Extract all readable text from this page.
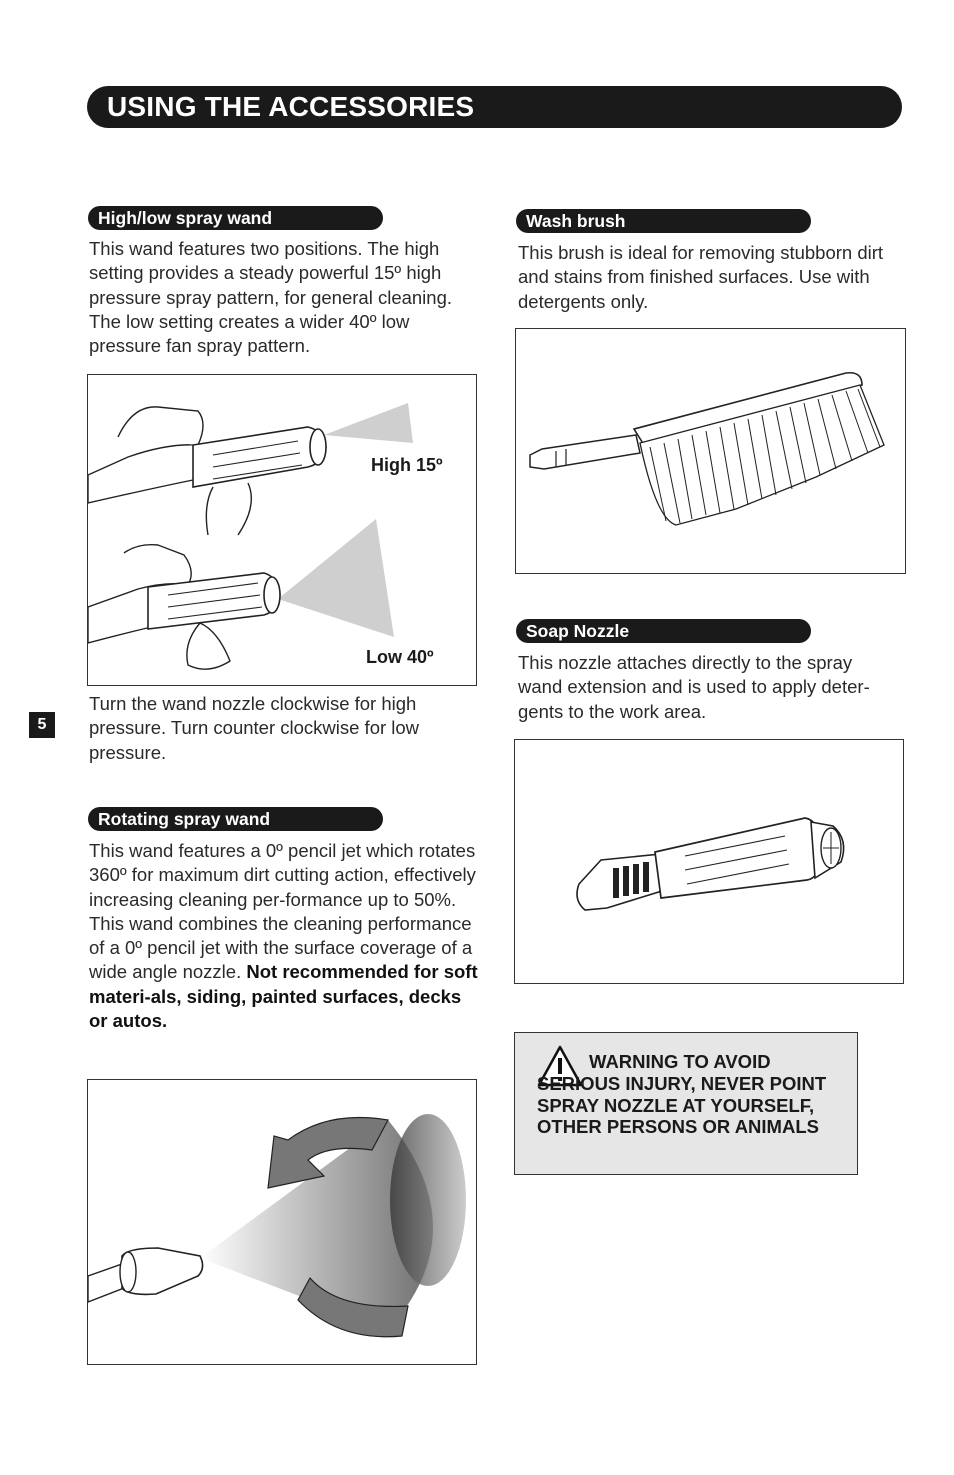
USING THE ACCESSORIES
5
High/low spray wand
This wand features two positions. The high setting provides a steady powerful 15º high pressure spray pattern, for general cleaning. The low setting creates a wider 40º low pressure fan spray pattern.
High 15º
Low 40º
Turn the wand nozzle clockwise for high pressure. Turn counter clockwise for low pressure.
Rotating spray wand
This wand features a 0º pencil jet which rotates 360º for maximum dirt cutting action, effectively increasing cleaning per-formance up to 50%. This wand combines the cleaning performance of a 0º pencil jet with the surface coverage of a wide angle nozzle. Not recommended for soft materi-als, siding, painted surfaces, decks or autos.
Wash brush
This brush is ideal for removing stubborn dirt and stains from finished surfaces. Use with detergents only.
Soap Nozzle
This nozzle attaches directly to the spray wand extension and is used to apply deter-gents to the work area.
WARNING TO AVOID SERIOUS INJURY, NEVER POINT SPRAY NOZZLE AT YOURSELF, OTHER PERSONS OR ANIMALS
